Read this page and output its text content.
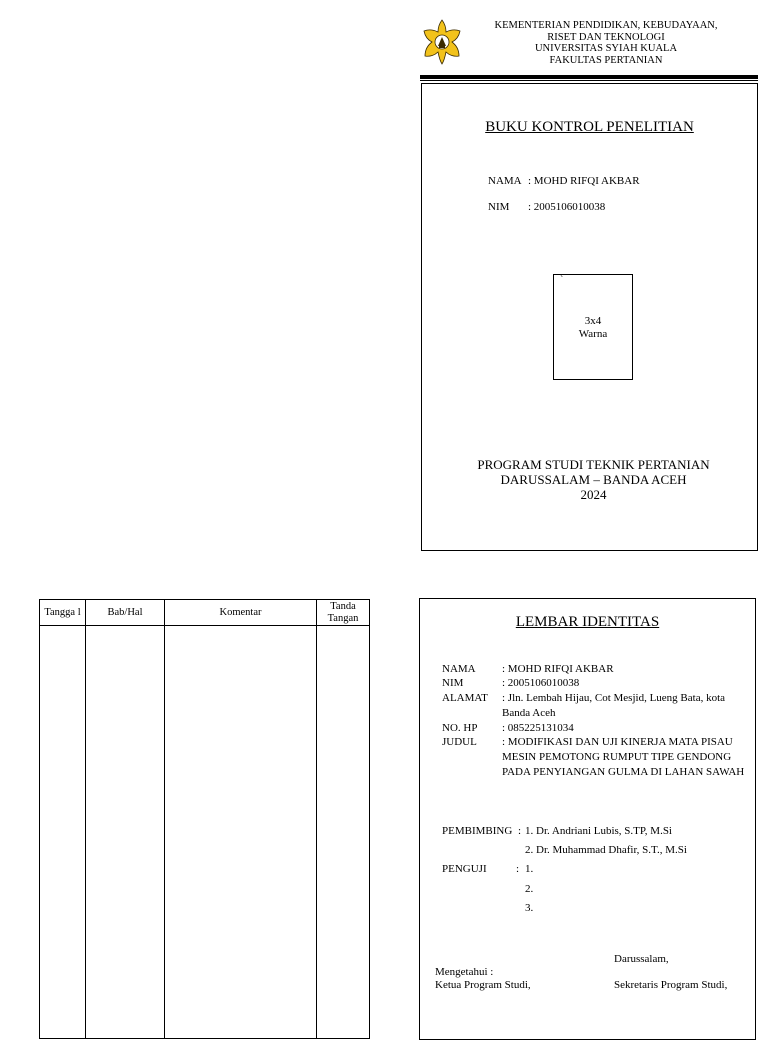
KEMENTERIAN PENDIDIKAN, KEBUDAYAAN,
RISET DAN TEKNOLOGI
UNIVERSITAS SYIAH KUALA
FAKULTAS PERTANIAN
BUKU KONTROL PENELITIAN
NAMA : MOHD RIFQI AKBAR
NIM : 2005106010038
`
3x4
Warna
PROGRAM STUDI TEKNIK PERTANIAN
DARUSSALAM – BANDA ACEH
2024
Tangga l	Bab/Hal	Komentar	Tanda Tangan
				LEMBAR IDENTITAS
NAMA : MOHD RIFQI AKBAR
NIM	: 2005106010038
ALAMAT : Jln. Lembah Hijau, Cot Mesjid, Lueng Bata, kota
Banda Aceh
NO. HP : 085225131034
JUDUL : MODIFIKASI DAN UJI KINERJA MATA PISAU
MESIN PEMOTONG RUMPUT TIPE GENDONG
PADA PENYIANGAN GULMA DI LAHAN SAWAH
PEMBIMBING : 1. Dr. Andriani Lubis, S.TP, M.Si
2. Dr. Muhammad Dhafir, S.T., M.Si
PENGUJI	: 1.
2.
3.
Darussalam,
Mengetahui :
Ketua Program Studi,	Sekretaris Program Studi,
